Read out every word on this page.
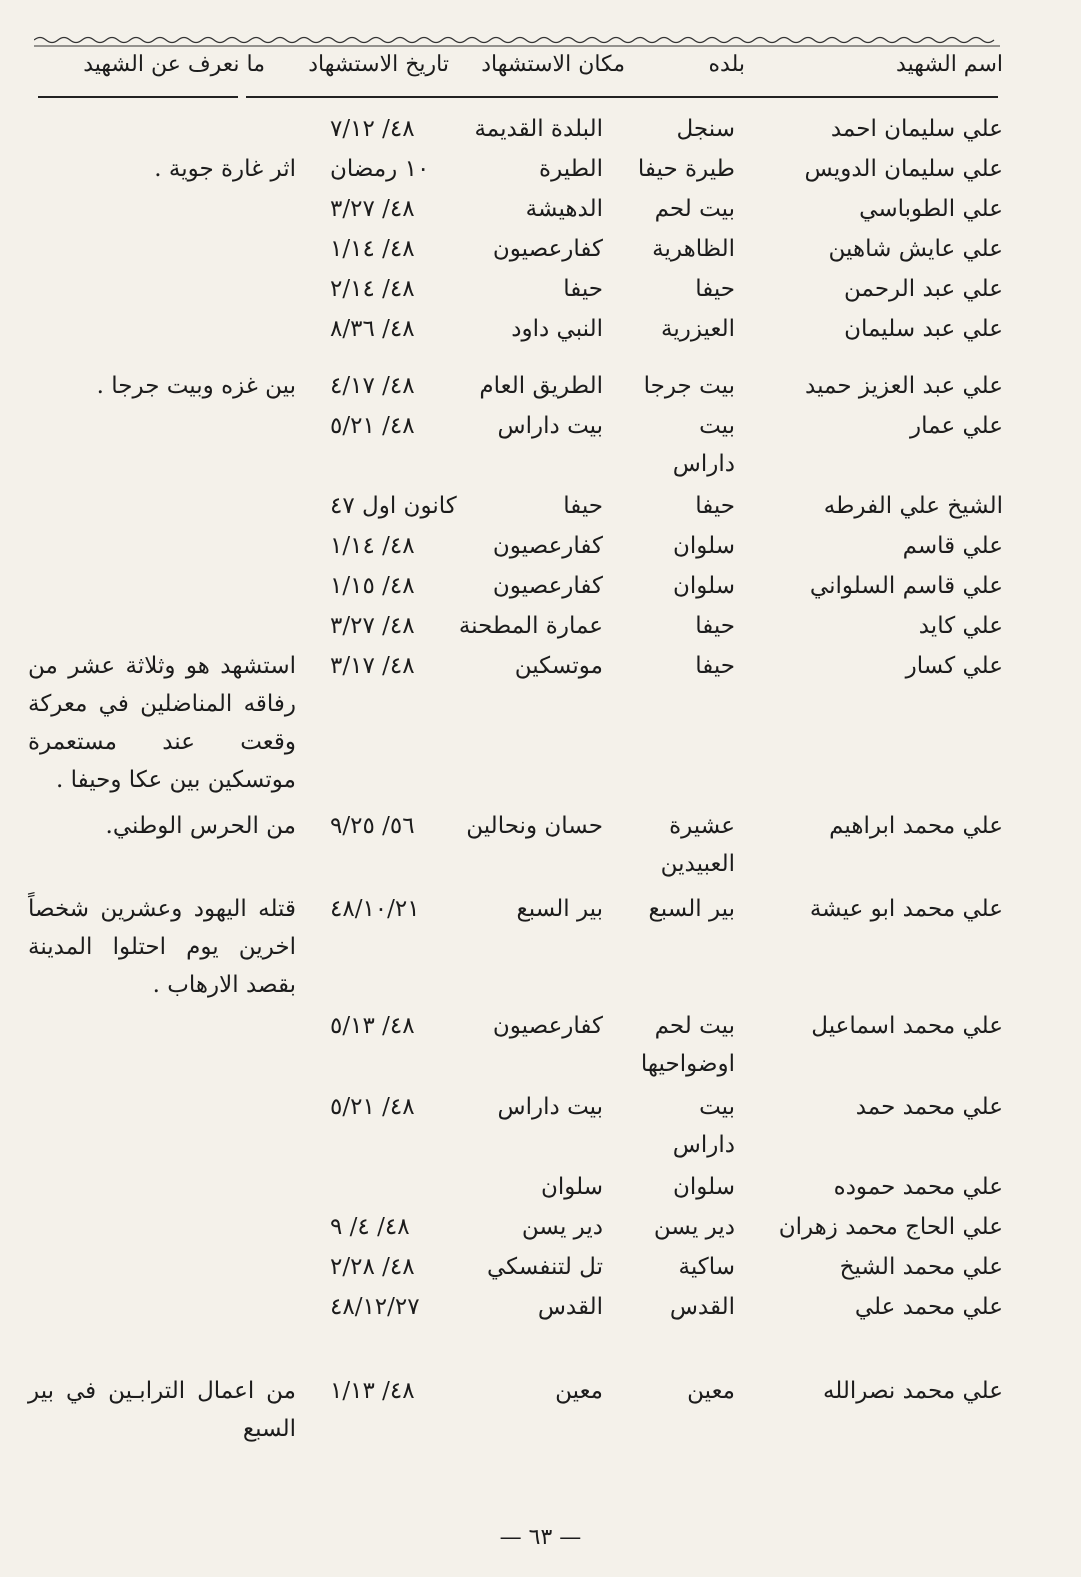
اسم الشهيد
بلده
مكان الاستشهاد
تاريخ الاستشهاد
ما نعرف عن الشهيد
علي سليمان احمد
سنجل
البلدة القديمة
٤٨/ ٧/١٢
علي سليمان الدويس
طيرة حيفا
الطيرة
١٠ رمضان
اثر غارة جوية .
علي الطوباسي
بيت لحم
الدهيشة
٤٨/ ٣/٢٧
علي عايش شاهين
الظاهرية
كفارعصيون
٤٨/ ١/١٤
علي عبد الرحمن
حيفا
حيفا
٤٨/ ٢/١٤
علي عبد سليمان
العيزرية
النبي داود
٤٨/ ٨/٣٦
علي عبد العزيز حميد
بيت جرجا
الطريق العام
٤٨/ ٤/١٧
بين غزه وبيت جرجا .
علي عمار
بيت داراس
بيت داراس
٤٨/ ٥/٢١
الشيخ علي الفرطه
حيفا
حيفا
كانون اول ٤٧
علي قاسم
سلوان
كفارعصيون
٤٨/ ١/١٤
علي قاسم السلواني
سلوان
كفارعصيون
٤٨/ ١/١٥
علي كايد
حيفا
عمارة المطحنة
٤٨/ ٣/٢٧
علي كسار
حيفا
موتسكين
٤٨/ ٣/١٧
استشهد هو وثلاثة عشر من رفاقه المناضلين في معركة وقعت عند مستعمرة موتسكين بين عكا وحيفا .
علي محمد ابراهيم
عشيرة العبيدين
حسان ونحالين
٥٦/ ٩/٢٥
من الحرس الوطني.
علي محمد ابو عيشة
بير السبع
بير السبع
٤٨/١٠/٢١
قتله اليهود وعشرين شخصاً اخرين يوم احتلوا المدينة بقصد الارهاب .
علي محمد اسماعيل
بيت لحم اوضواحيها
كفارعصيون
٤٨/ ٥/١٣
علي محمد حمد
بيت داراس
بيت داراس
٤٨/ ٥/٢١
علي محمد حموده
سلوان
سلوان
علي الحاج محمد زهران
دير يسن
دير يسن
٤٨/ ٤/ ٩
علي محمد الشيخ
ساكية
تل لتنفسكي
٤٨/ ٢/٢٨
علي محمد علي
القدس
القدس
٤٨/١٢/٢٧
علي محمد نصرالله
معين
معين
٤٨/ ١/١٣
من اعمال التراب‍ـين في بير السبع
— ٦٣ —
